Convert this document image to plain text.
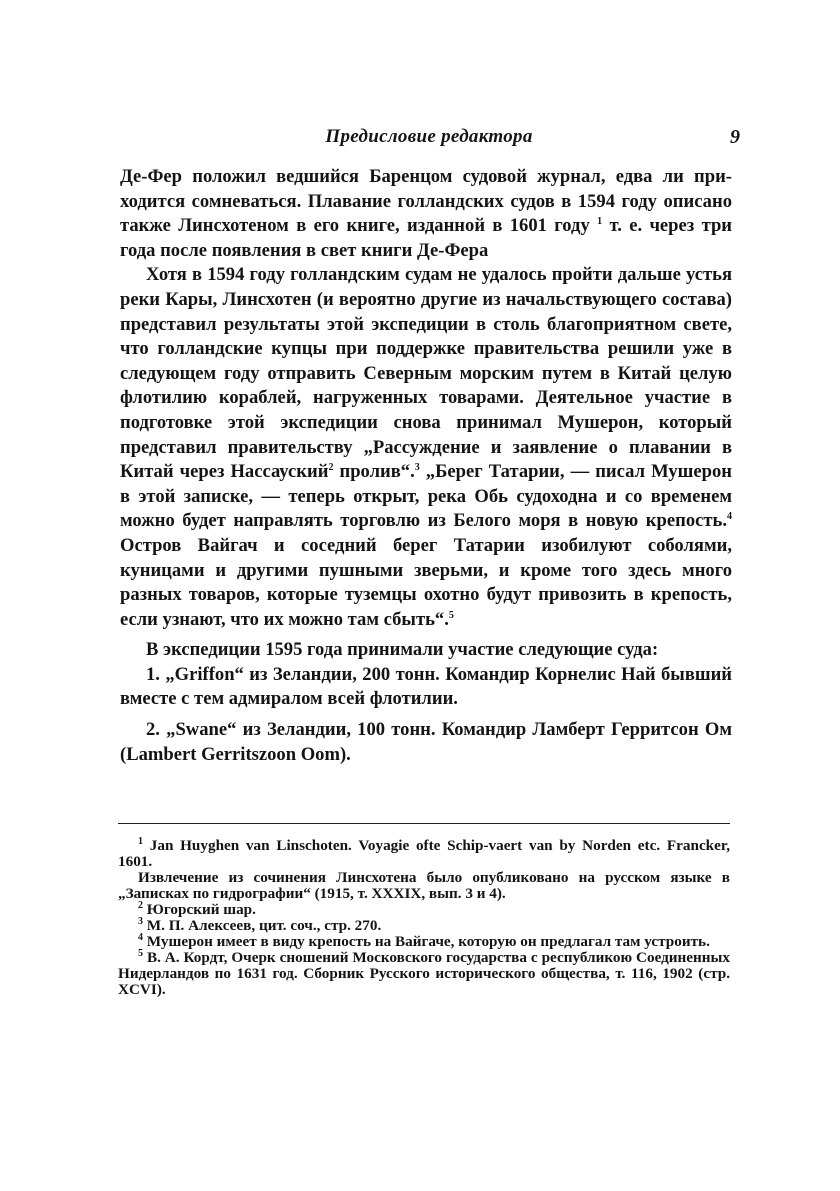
Предисловие редактора	9

Де-Фер положил ведшийся Баренцом судовой журнал, едва ли приходится сомневаться. Плавание голландских судов в 1594 году описано также Линсхотеном в его книге, изданной в 1601 году $^1$ т. е. через три года после появления в свет книги Де-Фера

Хотя в 1594 году голландским судам не удалось пройти дальше устья реки Кары, Линсхотен (и вероятно другие из начальствующего состава) представил результаты этой экспедиции в столь благоприятном свете, что голландские купцы при поддержке правительства решили уже в следующем году отправить Северным морским путем в Китай целую флотилию кораблей, нагруженных товарами. Деятельное участие в подготовке этой экспедиции снова принимал Мушерон, который представил правительству „Рассуждение и заявление о плавании в Китай через Нассауский$^2$ пролив“.$^3$ „Берег Татарии, — писал Мушерон в этой записке, — теперь открыт, река Обь судоходна и со временем можно будет направлять торговлю из Белого моря в новую крепость.$^4$ Остров Вайгач и соседний берег Татарии изобилуют соболями, куницами и другими пушными зверьми, и кроме того здесь много разных товаров, которые туземцы охотно будут привозить в крепость, если узнают, что их можно там сбыть“.$^5$

В экспедиции 1595 года принимали участие следующие суда:

1. „Griffon“ из Зеландии, 200 тонн. Командир Корнелис Най бывший вместе с тем адмиралом всей флотилии.

2. „Swane“ из Зеландии, 100 тонн. Командир Ламберт Герритсон Ом (Lambert Gerritszoon Oom).

$^1$ Jan Huyghen van Linschoten. Voyagie ofte Schip-vaert van by Norden etc. Francker, 1601.

Извлечение из сочинения Линсхотена было опубликовано на русском языке в „Записках по гидрографии“ (1915, т. XXXIX, вып. 3 и 4).

$^2$ Югорский шар.

$^3$ М. П. Алексеев, цит. соч., стр. 270.

$^4$ Мушерон имеет в виду крепость на Вайгаче, которую он предлагал там устроить.

$^5$ В. А. Кордт, Очерк сношений Московского государства с республикою Соединенных Нидерландов по 1631 год. Сборник Русского исторического общества, т. 116, 1902 (стр. XCVI).
